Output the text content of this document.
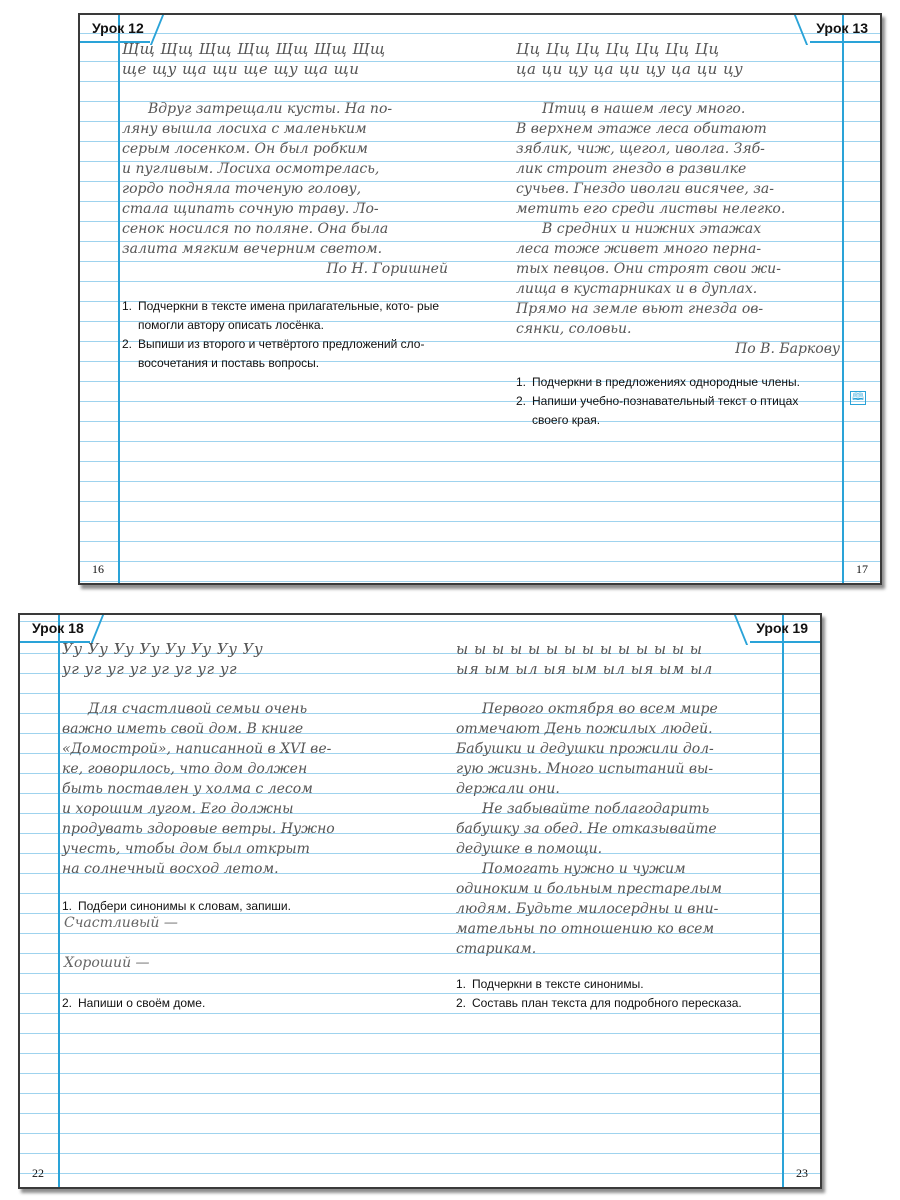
Урок 12	Урок 13

Щщ Щщ Щщ Щщ Щщ Щщ Щщ

ще щу ща щи ще щу ща щи

Вдруг затрещали кусты. На по-

ляну вышла лосиха с маленьким

серым лосенком. Он был робким

и пугливым. Лосиха осмотрелась,

гордо подняла точеную голову,

стала щипать сочную траву. Ло-

сенок носился по поляне. Она была

залита мягким вечерним светом.

По Н. Горишней

1. Подчеркни в тексте имена прилагательные, кото- рые помогли автору описать лосёнка.
2. Выпиши из второго и четвёртого предложений сло- восочетания и поставь вопросы.
16

Цц Цц Цц Цц Цц Цц Цц

ца ци цу ца ци цу ца ци цу

Птиц в нашем лесу много.

В верхнем этаже леса обитают

зяблик, чиж, щегол, иволга. Зяб-

лик строит гнездо в развилке

сучьев. Гнездо иволги висячее, за-

метить его среди листвы нелегко.

В средних и нижних этажах

леса тоже живет много перна-

тых певцов. Они строят свои жи-

лища в кустарниках и в дуплах.

Прямо на земле вьют гнезда ов-

сянки, соловьи.

По В. Баркову

1. Подчеркни в предложениях однородные члены.
2. Напиши учебно-познавательный текст о птицах своего края.
🕮
17
Урок 18	Урок 19

Уу Уу Уу Уу Уу Уу Уу Уу

уг уг уг уг уг уг уг уг

Для счастливой семьи очень

важно иметь свой дом. В книге

«Домострой», написанной в XVI ве-

ке, говорилось, что дом должен

быть поставлен у холма с лесом

и хорошим лугом. Его должны

продувать здоровые ветры. Нужно

учесть, чтобы дом был открыт

на солнечный восход летом.

1. Подбери синонимы к словам, запиши.
Счастливый —
Хороший —
2. Напиши о своём доме.
22

ы ы ы ы ы ы ы ы ы ы ы ы ы ы

ыя ым ыл ыя ым ыл ыя ым ыл

Первого октября во всем мире

отмечают День пожилых людей.

Бабушки и дедушки прожили дол-

гую жизнь. Много испытаний вы-

держали они.

Не забывайте поблагодарить

бабушку за обед. Не отказывайте

дедушке в помощи.

Помогать нужно и чужим

одиноким и больным престарелым

людям. Будьте милосердны и вни-

мательны по отношению ко всем

старикам.

1. Подчеркни в тексте синонимы.
2. Составь план текста для подробного пересказа.
23
